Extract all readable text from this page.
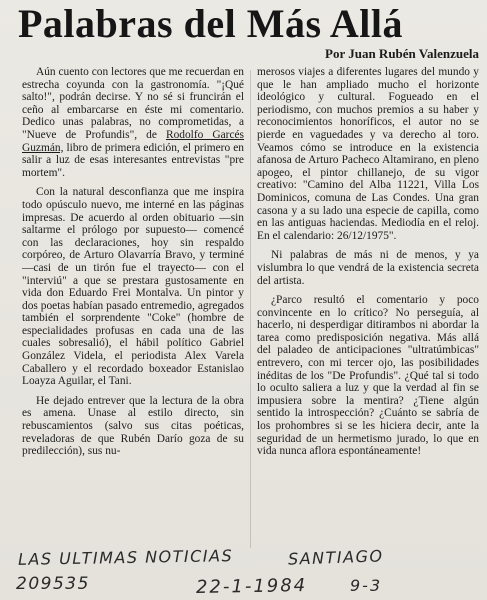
Palabras del Más Allá
Por Juan Rubén Valenzuela

Aún cuento con lectores que me recuerdan en estrecha coyunda con la gastronomía. "¡Qué salto!", podrán decirse. Y no sé si fruncirán el ceño al embarcarse en éste mi comentario. Dedico unas palabras, no comprometidas, a "Nueve de Profundis", de Rodolfo Garcés Guzmán, libro de primera edición, el primero en salir a luz de esas interesantes entrevistas "pre mortem".

Con la natural desconfianza que me inspira todo opúsculo nuevo, me interné en las páginas impresas. De acuerdo al orden obituario —sin saltarme el prólogo por supuesto— comencé con las declaraciones, hoy sin respaldo corpóreo, de Arturo Olavarría Bravo, y terminé —casi de un tirón fue el trayecto— con el "interviú" a que se prestara gustosamente en vida don Eduardo Frei Montalva. Un pintor y dos poetas habían pasado entremedio, agregados también el sorprendente "Coke" (hombre de especialidades profusas en cada una de las cuales sobresalió), el hábil político Gabriel González Videla, el periodista Alex Varela Caballero y el recordado boxeador Estanislao Loayza Aguilar, el Tani.

He dejado entrever que la lectura de la obra es amena. Unase al estilo directo, sin rebuscamientos (salvo sus citas poéticas, reveladoras de que Rubén Darío goza de su predilección), sus nu-

merosos viajes a diferentes lugares del mundo y que le han ampliado mucho el horizonte ideológico y cultural. Fogueado en el periodismo, con muchos premios a su haber y reconocimientos honoríficos, el autor no se pierde en vaguedades y va derecho al toro. Veamos cómo se introduce en la existencia afanosa de Arturo Pacheco Altamirano, en pleno apogeo, el pintor chillanejo, de su vigor creativo: "Camino del Alba 11221, Villa Los Dominicos, comuna de Las Condes. Una gran casona y a su lado una especie de capilla, como en las antiguas haciendas. Mediodía en el reloj. En el calendario: 26/12/1975".

Ni palabras de más ni de menos, y ya vislumbra lo que vendrá de la existencia secreta del artista.

¿Parco resultó el comentario y poco convincente en lo crítico? No perseguía, al hacerlo, ni desperdigar ditirambos ni abordar la tarea como predisposición negativa. Más allá del paladeo de anticipaciones "ultratúmbicas" entrevero, con mi tercer ojo, las posibilidades inéditas de los "De Profundis". ¿Qué tal si todo lo oculto saliera a luz y que la verdad al fin se impusiera sobre la mentira? ¿Tiene algún sentido la introspección? ¿Cuánto se sabría de los prohombres si se les hiciera decir, ante la seguridad de un hermetismo jurado, lo que en vida nunca aflora espontáneamente!

LAS ULTIMAS NOTICIAS	SANTIAGO
209535	22-1-1984	9-3
